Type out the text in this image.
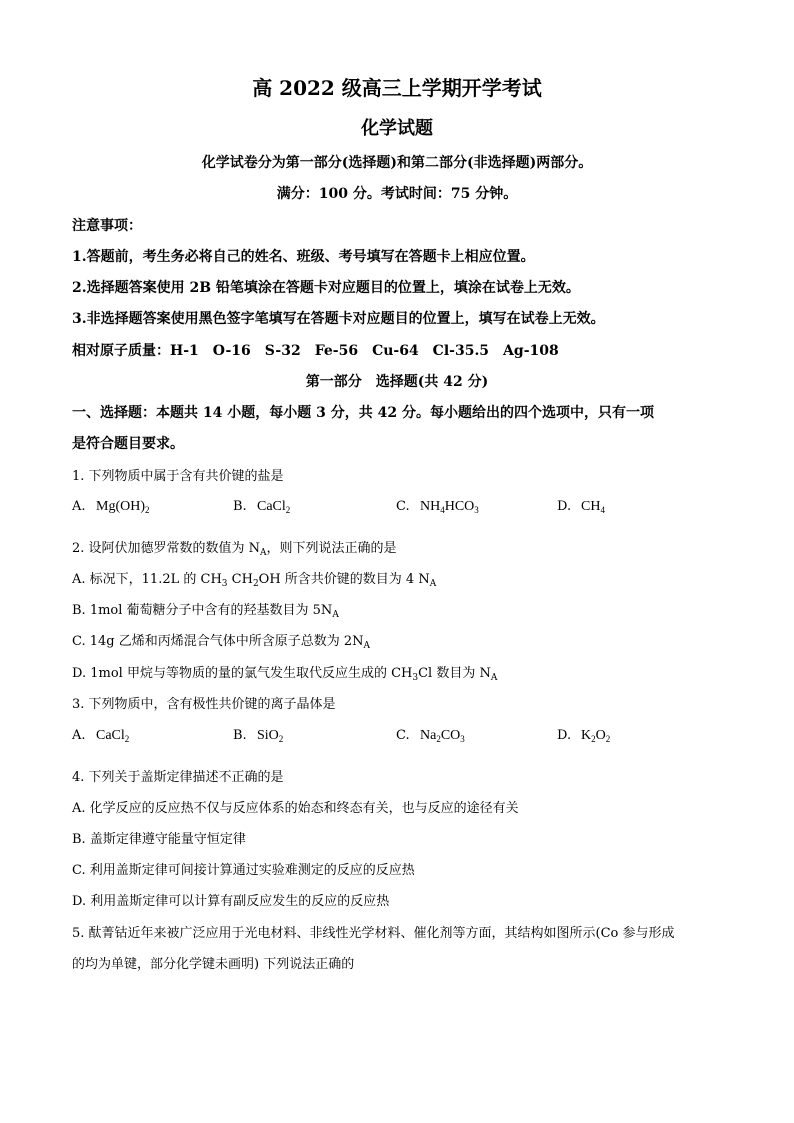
高 2022 级高三上学期开学考试
化学试题
化学试卷分为第一部分(选择题)和第二部分(非选择题)两部分。
满分：100 分。考试时间：75 分钟。
注意事项：
1.答题前，考生务必将自己的姓名、班级、考号填写在答题卡上相应位置。
2.选择题答案使用 2B 铅笔填涂在答题卡对应题目的位置上，填涂在试卷上无效。
3.非选择题答案使用黑色签字笔填写在答题卡对应题目的位置上，填写在试卷上无效。
相对原子质量：H-1　O-16　S-32　Fe-56　Cu-64　Cl-35.5　Ag-108
第一部分　选择题(共 42 分)
一、选择题：本题共 14 小题，每小题 3 分，共 42 分。每小题给出的四个选项中，只有一项
是符合题目要求。
1. 下列物质中属于含有共价键的盐是
A. $Mg(OH)_2$	B. CaCl$_2$	C. $NH_4HCO_3$	D. $CH_4$
2. 设阿伏加德罗常数的数值为 $N_A$，则下列说法正确的是
A. 标况下，11.2L 的 $CH_3$ $CH_2OH$ 所含共价键的数目为 4 $N_A$
B. 1mol 葡萄糖分子中含有的羟基数目为 $5N_A$
C. 14g 乙烯和丙烯混合气体中所含原子总数为 $2N_A$
D. 1mol 甲烷与等物质的量的氯气发生取代反应生成的 $CH_3Cl$ 数目为 $N_A$
3. 下列物质中，含有极性共价键的离子晶体是
A. CaCl$_2$	B. SiO$_2$	C. $Na_2CO_3$	D. $K_2O_2$
4. 下列关于盖斯定律描述不正确的是
A. 化学反应的反应热不仅与反应体系的始态和终态有关，也与反应的途径有关
B. 盖斯定律遵守能量守恒定律
C. 利用盖斯定律可间接计算通过实验难测定的反应的反应热
D. 利用盖斯定律可以计算有副反应发生的反应的反应热
5. 酞菁钴近年来被广泛应用于光电材料、非线性光学材料、催化剂等方面，其结构如图所示(Co 参与形成
的均为单键，部分化学键未画明) 下列说法正确的
